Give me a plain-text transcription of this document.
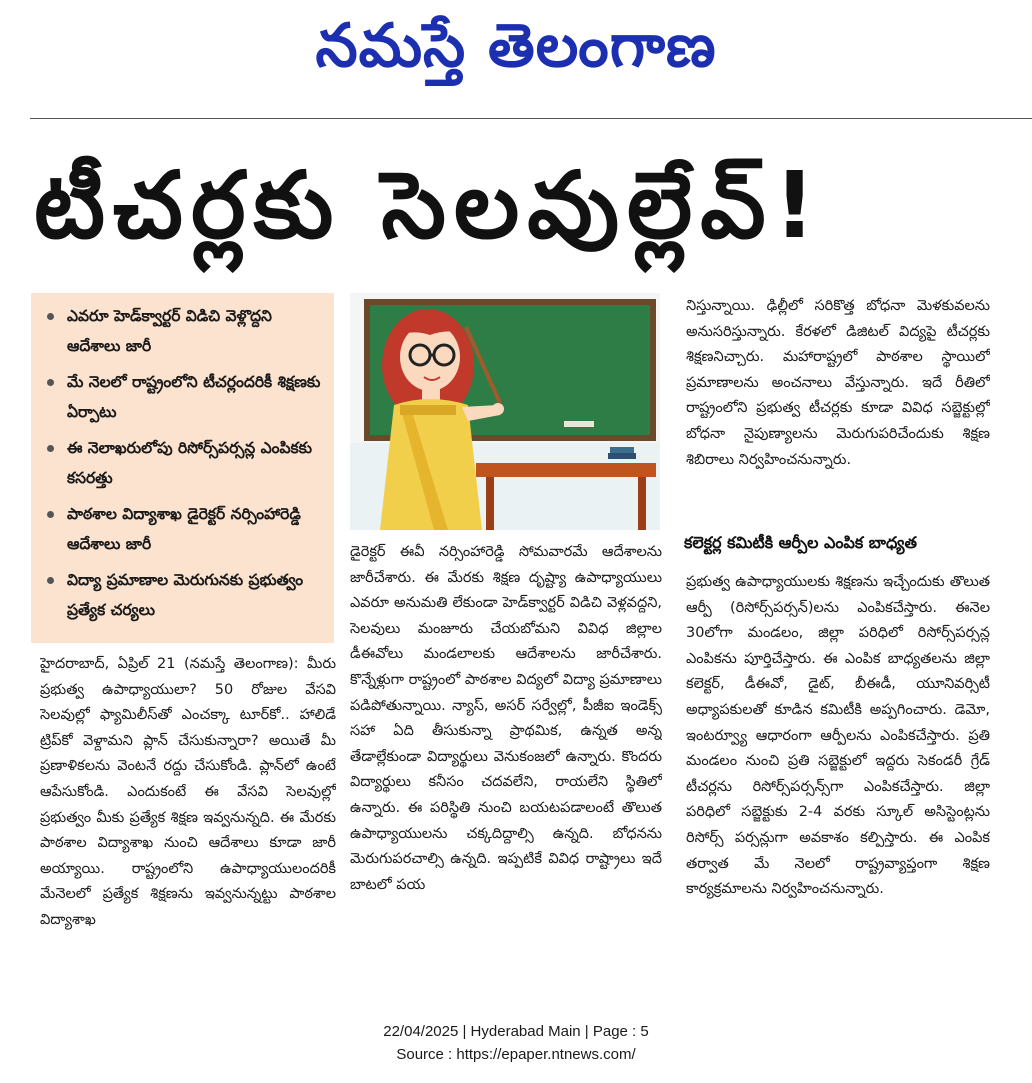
నమస్తే తెలంగాణ
టీచర్లకు సెలవుల్లేవ్‌!
ఎవరూ హెడ్‌క్వార్టర్‌ విడిచి వెళ్లొద్దని ఆదేశాలు జారీ
మే నెలలో రాష్ట్రంలోని టీచర్లందరికీ శిక్షణకు ఏర్పాటు
ఈ నెలాఖరులోపు రిసోర్స్‌పర్సన్ల ఎంపికకు కసరత్తు
పాఠశాల విద్యాశాఖ డైరెక్టర్‌ నర్సింహారెడ్డి ఆదేశాలు జారీ
విద్యా ప్రమాణాల మెరుగునకు ప్రభుత్వం ప్రత్యేక చర్యలు
హైదరాబాద్‌, ఏప్రిల్‌ 21 (నమస్తే తెలంగాణ): మీరు ప్రభుత్వ ఉపాధ్యాయులా? 50 రోజుల వేసవి సెలవుల్లో ఫ్యామిలీస్‌తో ఎంచక్కా టూర్‌కో.. హాలిడే ట్రిప్‌కో వెళ్దామని ప్లాన్‌ చేసుకున్నారా? అయితే మీ ప్రణాళికలను వెంటనే రద్దు చేసుకోండి. ప్లాన్‌లో ఉంటే ఆపేసుకోండి. ఎందుకంటే ఈ వేసవి సెలవుల్లో ప్రభుత్వం మీకు ప్రత్యేక శిక్షణ ఇవ్వనున్నది. ఈ మేరకు పాఠశాల విద్యాశాఖ నుంచి ఆదేశాలు కూడా జారీ అయ్యాయి. రాష్ట్రంలోని ఉపాధ్యాయులందరికీ మేనెలలో ప్రత్యేక శిక్షణను ఇవ్వనున్నట్టు పాఠశాల విద్యాశాఖ
డైరెక్టర్‌ ఈవీ నర్సింహారెడ్డి సోమవారమే ఆదేశాలను జారీచేశారు. ఈ మేరకు శిక్షణ దృష్ట్యా ఉపాధ్యాయులు ఎవరూ అనుమతి లేకుండా హెడ్‌క్వార్టర్‌ విడిచి వెళ్లవద్దని, సెలవులు మంజూరు చేయబోమని వివిధ జిల్లాల డీఈవోలు మండలాలకు ఆదేశాలను జారీచేశారు. కొన్నేళ్లుగా రాష్ట్రంలో పాఠశాల విద్యలో విద్యా ప్రమాణాలు పడిపోతున్నాయి. న్యాస్‌, అసర్‌ సర్వేల్లో, పీజీఐ ఇండెక్స్‌ సహా ఏది తీసుకున్నా ప్రాథమిక, ఉన్నత అన్న తేడాల్లేకుండా విద్యార్థులు వెనుకంజలో ఉన్నారు. కొందరు విద్యార్థులు కనీసం చదవలేని, రాయలేని స్థితిలో ఉన్నారు. ఈ పరిస్థితి నుంచి బయటపడాలంటే తొలుత ఉపాధ్యాయులను చక్కదిద్దాల్సి ఉన్నది. బోధనను మెరుగుపరచాల్సి ఉన్నది. ఇప్పటికే వివిధ రాష్ట్రాలు ఇదే బాటలో పయ
నిస్తున్నాయి. ఢిల్లీలో సరికొత్త బోధనా మెళకువలను అనుసరిస్తున్నారు. కేరళలో డిజిటల్‌ విద్యపై టీచర్లకు శిక్షణనిచ్చారు. మహారాష్ట్రలో పాఠశాల స్థాయిలో ప్రమాణాలను అంచనాలు వేస్తున్నారు. ఇదే రీతిలో రాష్ట్రంలోని ప్రభుత్వ టీచర్లకు కూడా వివిధ సబ్జెక్టుల్లో బోధనా నైపుణ్యాలను మెరుగుపరిచేందుకు శిక్షణ శిబిరాలు నిర్వహించనున్నారు.
కలెక్టర్ల కమిటీకి ఆర్పీల ఎంపిక బాధ్యత
ప్రభుత్వ ఉపాధ్యాయులకు శిక్షణను ఇచ్చేందుకు తొలుత ఆర్పీ (రిసోర్స్‌పర్సన్‌)లను ఎంపికచేస్తారు. ఈనెల 30లోగా మండలం, జిల్లా పరిధిలో రిసోర్స్‌పర్సన్ల ఎంపికను పూర్తిచేస్తారు. ఈ ఎంపిక బాధ్యతలను జిల్లా కలెక్టర్‌, డీఈవో, డైట్‌, బీఈడీ, యూనివర్సిటీ అధ్యాపకులతో కూడిన కమిటీకి అప్పగించారు. డెమో, ఇంటర్వ్యూ ఆధారంగా ఆర్పీలను ఎంపికచేస్తారు. ప్రతి మండలం నుంచి ప్రతి సబ్జెక్టులో ఇద్దరు సెకండరీ గ్రేడ్‌ టీచర్లను రిసోర్స్‌పర్సన్స్‌గా ఎంపికచేస్తారు. జిల్లా పరిధిలో సబ్జెక్టుకు 2-4 వరకు స్కూల్‌ అసిస్టెంట్లను రిసోర్స్‌ పర్సన్లుగా అవకాశం కల్పిస్తారు. ఈ ఎంపిక తర్వాత మే నెలలో రాష్ట్రవ్యాప్తంగా శిక్షణ కార్యక్రమాలను నిర్వహించనున్నారు.
22/04/2025 | Hyderabad Main | Page : 5
Source : https://epaper.ntnews.com/
